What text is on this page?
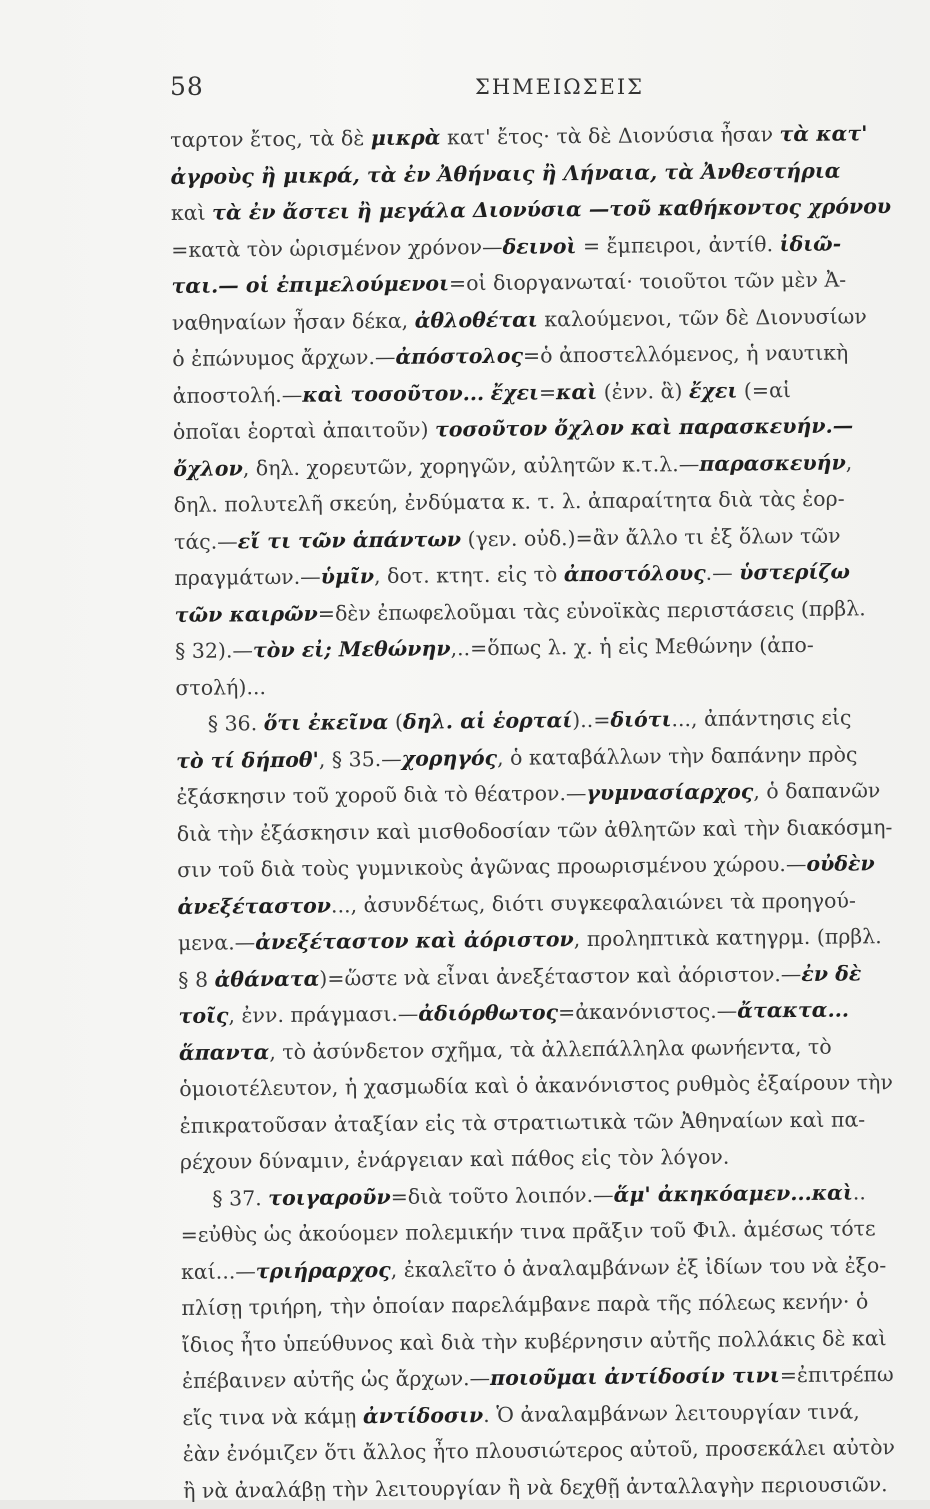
58	ΣΗΜΕΙΩΣΕΙΣ
ταρτον ἔτος, τὰ δὲ μικρὰ κατ' ἔτος· τὰ δὲ Διονύσια ἦσαν τὰ κατ'
ἀγροὺς ἢ μικρά, τὰ ἐν Ἀθήναις ἢ Λήναια, τὰ Ἀνθεστήρια
καὶ τὰ ἐν ἄστει ἢ μεγάλα Διονύσια —τοῦ καθήκοντος χρόνου
=κατὰ τὸν ὡρισμένον χρόνον—δεινοὶ = ἔμπειροι, ἀντίθ. ἰδιῶ-
ται.— οἱ ἐπιμελούμενοι=οἱ διοργανωταί· τοιοῦτοι τῶν μὲν Ἀ-
ναθηναίων ἦσαν δέκα, ἀθλοθέται καλούμενοι, τῶν δὲ Διονυσίων
ὁ ἐπώνυμος ἄρχων.—ἀπόστολος=ὁ ἀποστελλόμενος, ἡ ναυτικὴ
ἀποστολή.—καὶ τοσοῦτον... ἔχει=καὶ (ἐνν. ἃ) ἔχει (=αἱ
ὁποῖαι ἑορταὶ ἀπαιτοῦν) τοσοῦτον ὄχλον καὶ παρασκευήν.—
ὄχλον, δηλ. χορευτῶν, χορηγῶν, αὐλητῶν κ.τ.λ.—παρασκευήν,
δηλ. πολυτελῆ σκεύη, ἐνδύματα κ. τ. λ. ἀπαραίτητα διὰ τὰς ἑορ-
τάς.—εἴ τι τῶν ἁπάντων (γεν. οὐδ.)=ἂν ἄλλο τι ἐξ ὅλων τῶν
πραγμάτων.—ὑμῖν, δοτ. κτητ. εἰς τὸ ἀποστόλους.— ὑστερίζω
τῶν καιρῶν=δὲν ἐπωφελοῦμαι τὰς εὐνοϊκὰς περιστάσεις (πρβλ.
§ 32).—τὸν εἰ; Μεθώνην,..=ὅπως λ. χ. ἡ εἰς Μεθώνην (ἀπο-
στολή)...
§ 36. ὅτι ἐκεῖνα (δηλ. αἱ ἑορταί)..=διότι..., ἀπάντησις εἰς
τὸ τί δήποθ', § 35.—χορηγός, ὁ καταβάλλων τὴν δαπάνην πρὸς
ἐξάσκησιν τοῦ χοροῦ διὰ τὸ θέατρον.—γυμνασίαρχος, ὁ δαπανῶν
διὰ τὴν ἐξάσκησιν καὶ μισθοδοσίαν τῶν ἀθλητῶν καὶ τὴν διακόσμη-
σιν τοῦ διὰ τοὺς γυμνικοὺς ἀγῶνας προωρισμένου χώρου.—οὐδὲν
ἀνεξέταστον..., ἀσυνδέτως, διότι συγκεφαλαιώνει τὰ προηγού-
μενα.—ἀνεξέταστον καὶ ἀόριστον, προληπτικὰ κατηγρμ. (πρβλ.
§ 8 ἀθάνατα)=ὥστε νὰ εἶναι ἀνεξέταστον καὶ ἀόριστον.—ἐν δὲ
τοῖς, ἐνν. πράγμασι.—ἀδιόρθωτος=ἀκανόνιστος.—ἄτακτα...
ἅπαντα, τὸ ἀσύνδετον σχῆμα, τὰ ἀλλεπάλληλα φωνήεντα, τὸ
ὁμοιοτέλευτον, ἡ χασμωδία καὶ ὁ ἀκανόνιστος ρυθμὸς ἐξαίρουν τὴν
ἐπικρατοῦσαν ἀταξίαν εἰς τὰ στρατιωτικὰ τῶν Ἀθηναίων καὶ πα-
ρέχουν δύναμιν, ἐνάργειαν καὶ πάθος εἰς τὸν λόγον.
§ 37. τοιγαροῦν=διὰ τοῦτο λοιπόν.—ἅμ' ἀκηκόαμεν...καὶ..
=εὐθὺς ὡς ἀκούομεν πολεμικήν τινα πρᾶξιν τοῦ Φιλ. ἀμέσως τότε
καί...—τριήραρχος, ἐκαλεῖτο ὁ ἀναλαμβάνων ἐξ ἰδίων του νὰ ἐξο-
πλίσῃ τριήρη, τὴν ὁποίαν παρελάμβανε παρὰ τῆς πόλεως κενήν· ὁ
ἴδιος ἦτο ὑπεύθυνος καὶ διὰ τὴν κυβέρνησιν αὐτῆς πολλάκις δὲ καὶ
ἐπέβαινεν αὐτῆς ὡς ἄρχων.—ποιοῦμαι ἀντίδοσίν τινι=ἐπιτρέπω
εἴς τινα νὰ κάμῃ ἀντίδοσιν. Ὁ ἀναλαμβάνων λειτουργίαν τινά,
ἐὰν ἐνόμιζεν ὅτι ἄλλος ἦτο πλουσιώτερος αὐτοῦ, προσεκάλει αὐτὸν
ἢ νὰ ἀναλάβῃ τὴν λειτουργίαν ἢ νὰ δεχθῇ ἀνταλλαγὴν περιουσιῶν.
